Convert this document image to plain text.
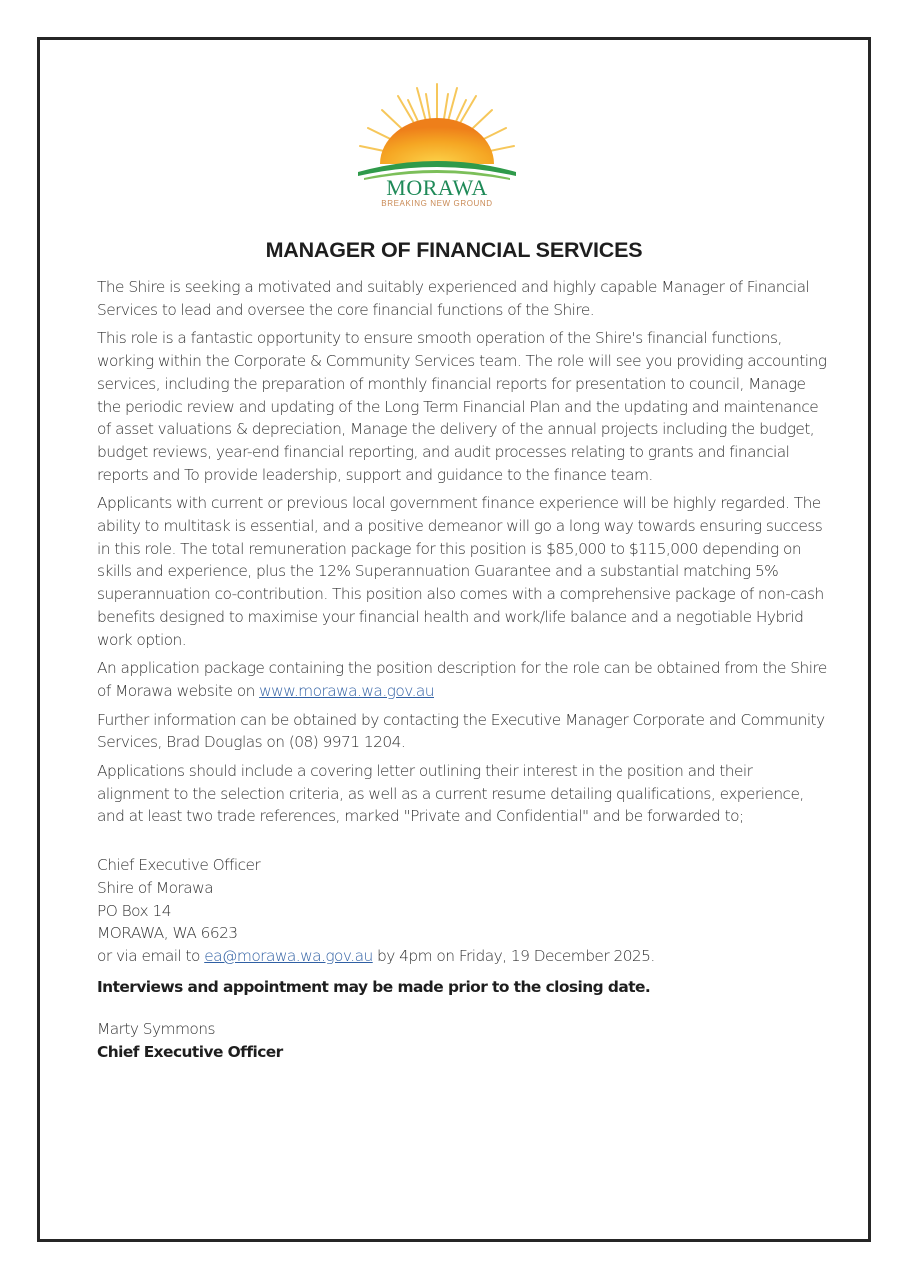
MORAWA
BREAKING NEW GROUND
MANAGER OF FINANCIAL SERVICES

The Shire is seeking a motivated and suitably experienced and highly capable Manager of Financial Services to lead and oversee the core financial functions of the Shire.

This role is a fantastic opportunity to ensure smooth operation of the Shire's financial functions, working within the Corporate & Community Services team. The role will see you providing accounting services, including the preparation of monthly financial reports for presentation to council, Manage the periodic review and updating of the Long Term Financial Plan and the updating and maintenance of asset valuations & depreciation, Manage the delivery of the annual projects including the budget, budget reviews, year-end financial reporting, and audit processes relating to grants and financial reports and To provide leadership, support and guidance to the finance team.

Applicants with current or previous local government finance experience will be highly regarded. The ability to multitask is essential, and a positive demeanor will go a long way towards ensuring success in this role. The total remuneration package for this position is $85,000 to $115,000 depending on skills and experience, plus the 12% Superannuation Guarantee and a substantial matching 5% superannuation co-contribution. This position also comes with a comprehensive package of non-cash benefits designed to maximise your financial health and work/life balance and a negotiable Hybrid work option.

An application package containing the position description for the role can be obtained from the Shire of Morawa website on www.morawa.wa.gov.au

Further information can be obtained by contacting the Executive Manager Corporate and Community Services, Brad Douglas on (08) 9971 1204.

Applications should include a covering letter outlining their interest in the position and their alignment to the selection criteria, as well as a current resume detailing qualifications, experience, and at least two trade references, marked "Private and Confidential" and be forwarded to;

Chief Executive Officer
Shire of Morawa
PO Box 14
MORAWA, WA 6623
or via email to ea@morawa.wa.gov.au by 4pm on Friday, 19 December 2025.

Interviews and appointment may be made prior to the closing date.

Marty Symmons
Chief Executive Officer
